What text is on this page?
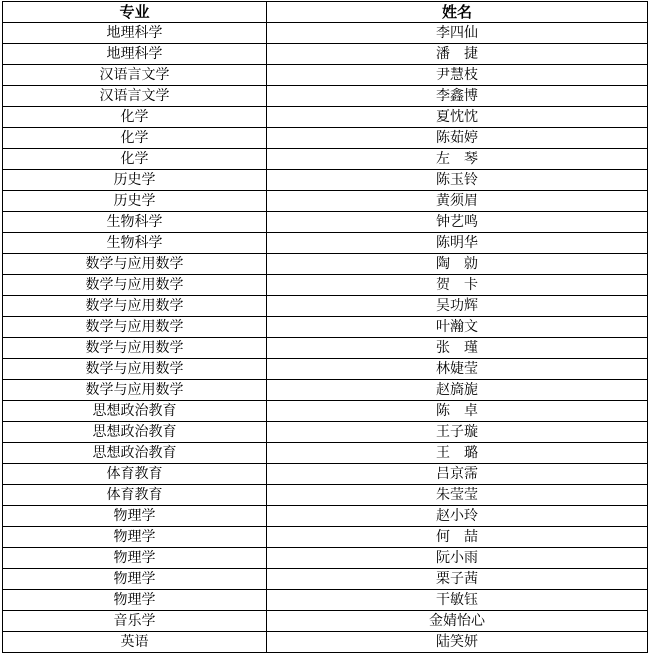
专业	姓名
地理科学	李四仙
地理科学	潘　捷
汉语言文学	尹慧枝
汉语言文学	李鑫博
化学	夏忱忱
化学	陈茹婷
化学	左　琴
历史学	陈玉铃
历史学	黄须眉
生物科学	钟艺鸣
生物科学	陈明华
数学与应用数学	陶　勍
数学与应用数学	贺　卡
数学与应用数学	吴功辉
数学与应用数学	叶瀚文
数学与应用数学	张　瑾
数学与应用数学	林婕莹
数学与应用数学	赵旖旎
思想政治教育	陈　卓
思想政治教育	王子璇
思想政治教育	王　璐
体育教育	吕京霈
体育教育	朱莹莹
物理学	赵小玲
物理学	何　喆
物理学	阮小雨
物理学	栗子茜
物理学	干敏钰
音乐学	金婧怡心
英语	陆笑妍
